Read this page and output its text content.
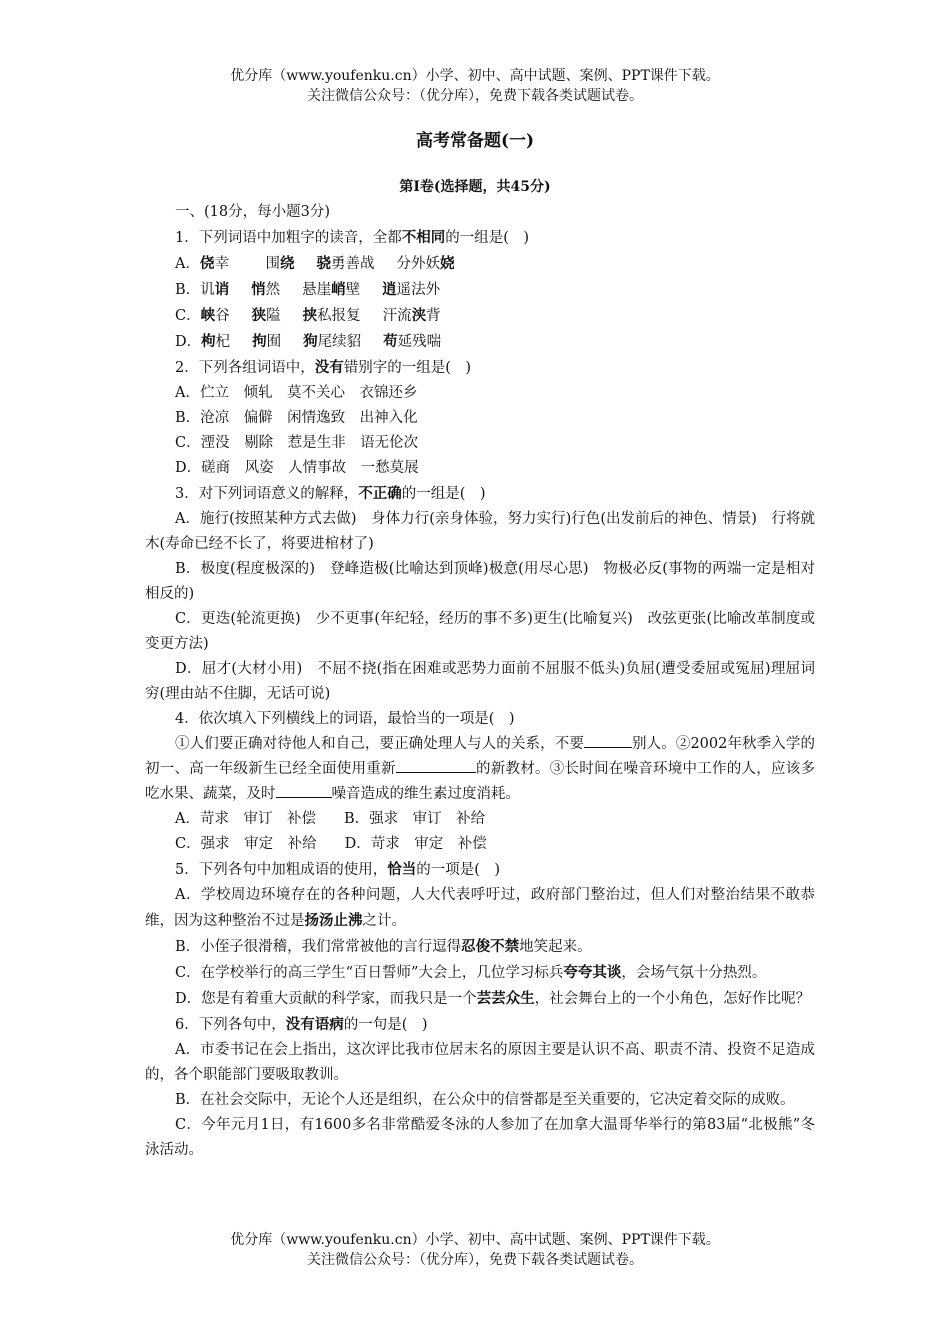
优分库（www.youfenku.cn）小学、初中、高中试题、案例、PPT课件下载。
关注微信公众号：（优分库），免费下载各类试题试卷。
高考常备题(一)
第Ⅰ卷(选择题，共45分)

一、(18分，每小题3分)

1．下列词语中加粗字的读音，全都不相同的一组是(　)

A．侥幸　围绕 骁勇善战 分外妖娆

B．讥诮 悄然 悬崖峭壁 逍遥法外

C．峡谷 狭隘 挟私报复 汗流浃背

D．枸杞 拘囿 狗尾续貂 苟延残喘

2．下列各组词语中，没有错别字的一组是(　)

A．伫立　倾轧　莫不关心　衣锦还乡

B．沧凉　偏僻　闲情逸致　出神入化

C．湮没　剔除　惹是生非　语无伦次

D．磋商　风姿　人情事故　一愁莫展

3．对下列词语意义的解释，不正确的一组是(　)

A．施行(按照某种方式去做)　身体力行(亲身体验，努力实行)行色(出发前后的神色、情景)　行将就木(寿命已经不长了，将要进棺材了)

B．极度(程度极深的)　登峰造极(比喻达到顶峰)极意(用尽心思)　物极必反(事物的两端一定是相对相反的)

C．更迭(轮流更换)　少不更事(年纪轻，经历的事不多)更生(比喻复兴)　改弦更张(比喻改革制度或变更方法)

D．屈才(大材小用)　不屈不挠(指在困难或恶势力面前不屈服不低头)负屈(遭受委屈或冤屈)理屈词穷(理由站不住脚，无话可说)

4．依次填入下列横线上的词语，最恰当的一项是(　)

①人们要正确对待他人和自己，要正确处理人与人的关系，不要	别人。②2002年秋季入学的初一、高一年级新生已经全面使用重新	的新教材。③长时间在噪音环境中工作的人，应该多吃水果、蔬菜，及时	噪音造成的维生素过度消耗。

A．苛求　审订　补偿 B．强求　审订　补给

C．强求　审定　补给 D．苛求　审定　补偿

5．下列各句中加粗成语的使用，恰当的一项是(　)

A．学校周边环境存在的各种问题，人大代表呼吁过，政府部门整治过，但人们对整治结果不敢恭维，因为这种整治不过是扬汤止沸之计。

B．小侄子很滑稽，我们常常被他的言行逗得忍俊不禁地笑起来。

C．在学校举行的高三学生“百日誓师”大会上，几位学习标兵夸夸其谈，会场气氛十分热烈。

D．您是有着重大贡献的科学家，而我只是一个芸芸众生，社会舞台上的一个小角色，怎好作比呢？

6．下列各句中，没有语病的一句是(　)

A．市委书记在会上指出，这次评比我市位居末名的原因主要是认识不高、职责不清、投资不足造成的，各个职能部门要吸取教训。

B．在社会交际中，无论个人还是组织，在公众中的信誉都是至关重要的，它决定着交际的成败。

C．今年元月1日，有1600多名非常酷爱冬泳的人参加了在加拿大温哥华举行的第83届“北极熊”冬泳活动。

优分库（www.youfenku.cn）小学、初中、高中试题、案例、PPT课件下载。
关注微信公众号：（优分库），免费下载各类试题试卷。
